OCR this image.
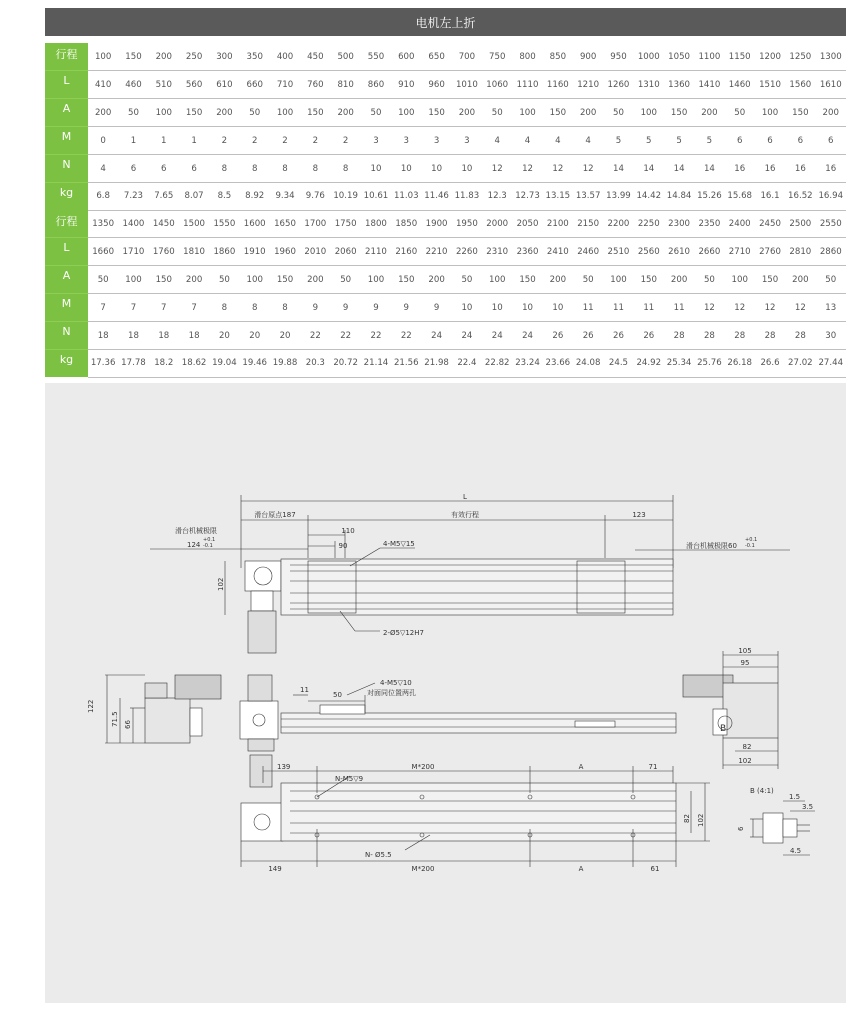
电机左上折
行程	100	150	200	250	300	350	400	450	500	550	600	650	700	750	800	850	900	950	1000	1050	1100	1150	1200	1250	1300
L	410	460	510	560	610	660	710	760	810	860	910	960	1010	1060	1110	1160	1210	1260	1310	1360	1410	1460	1510	1560	1610
A	200	50	100	150	200	50	100	150	200	50	100	150	200	50	100	150	200	50	100	150	200	50	100	150	200
M	0	1	1	1	2	2	2	2	2	3	3	3	3	4	4	4	4	5	5	5	5	6	6	6	6
N	4	6	6	6	8	8	8	8	8	10	10	10	10	12	12	12	12	14	14	14	14	16	16	16	16
kg	6.8	7.23	7.65	8.07	8.5	8.92	9.34	9.76	10.19	10.61	11.03	11.46	11.83	12.3	12.73	13.15	13.57	13.99	14.42	14.84	15.26	15.68	16.1	16.52	16.94
行程	1350	1400	1450	1500	1550	1600	1650	1700	1750	1800	1850	1900	1950	2000	2050	2100	2150	2200	2250	2300	2350	2400	2450	2500	2550
L	1660	1710	1760	1810	1860	1910	1960	2010	2060	2110	2160	2210	2260	2310	2360	2410	2460	2510	2560	2610	2660	2710	2760	2810	2860
A	50	100	150	200	50	100	150	200	50	100	150	200	50	100	150	200	50	100	150	200	50	100	150	200	50
M	7	7	7	7	8	8	8	9	9	9	9	9	10	10	10	10	11	11	11	11	12	12	12	12	13
N	18	18	18	18	20	20	20	22	22	22	22	24	24	24	24	26	26	26	26	28	28	28	28	28	30
kg	17.36	17.78	18.2	18.62	19.04	19.46	19.88	20.3	20.72	21.14	21.56	21.98	22.4	22.82	23.24	23.66	24.08	24.5	24.92	25.34	25.76	26.18	26.6	27.02	27.44
L
滑台原点187	有效行程	123
滑台机械极限
124
+0.1
-0.1	滑台机械极限60
+0.1
-0.1
110
90	4-M5▽15
102
2-Ø5▽12H7
122
71.5 66
11
50
4-M5▽10
对面同位置两孔
105
95
B
82
102
139
N-M5▽9
M*200	A	71
N- Ø5.5
149	M*200	A	61
82 102
B (4:1)
1.5
3.5
6
4.5
